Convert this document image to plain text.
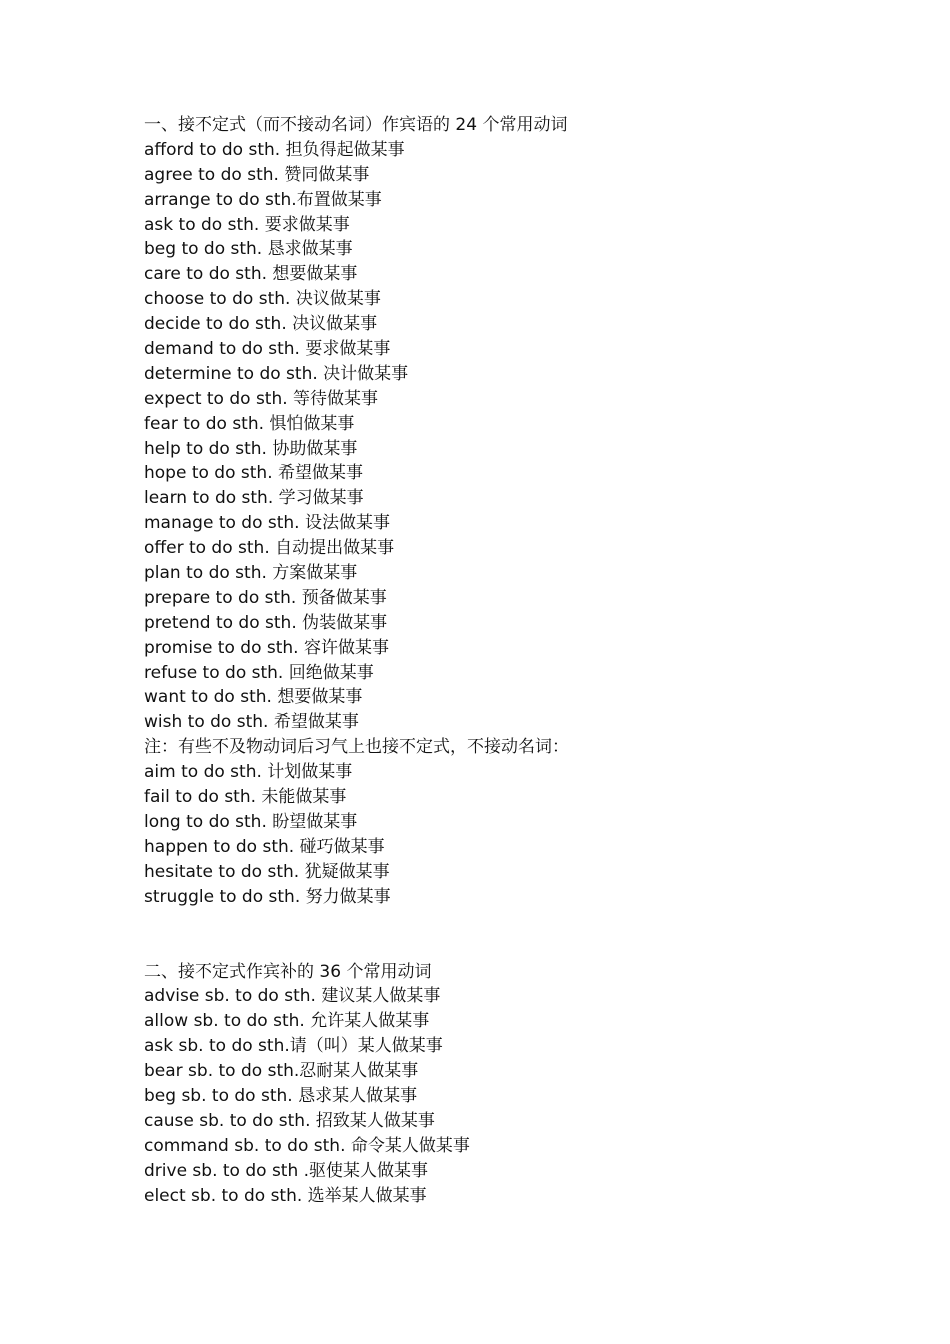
一、接不定式（而不接动名词）作宾语的 24 个常用动词
afford to do sth. 担负得起做某事
agree to do sth. 赞同做某事
arrange to do sth.布置做某事
ask to do sth. 要求做某事
beg to do sth. 恳求做某事
care to do sth. 想要做某事
choose to do sth. 决议做某事
decide to do sth. 决议做某事
demand to do sth. 要求做某事
determine to do sth. 决计做某事
expect to do sth. 等待做某事
fear to do sth. 惧怕做某事
help to do sth. 协助做某事
hope to do sth. 希望做某事
learn to do sth. 学习做某事
manage to do sth. 设法做某事
offer to do sth. 自动提出做某事
plan to do sth. 方案做某事
prepare to do sth. 预备做某事
pretend to do sth. 伪装做某事
promise to do sth. 容许做某事
refuse to do sth. 回绝做某事
want to do sth. 想要做某事
wish to do sth. 希望做某事
注：有些不及物动词后习气上也接不定式，不接动名词：
aim to do sth. 计划做某事
fail to do sth. 未能做某事
long to do sth. 盼望做某事
happen to do sth. 碰巧做某事
hesitate to do sth. 犹疑做某事
struggle to do sth. 努力做某事
二、接不定式作宾补的 36 个常用动词
advise sb. to do sth. 建议某人做某事
allow sb. to do sth. 允许某人做某事
ask sb. to do sth.请（叫）某人做某事
bear sb. to do sth.忍耐某人做某事
beg sb. to do sth. 恳求某人做某事
cause sb. to do sth. 招致某人做某事
command sb. to do sth. 命令某人做某事
drive sb. to do sth .驱使某人做某事
elect sb. to do sth. 选举某人做某事
